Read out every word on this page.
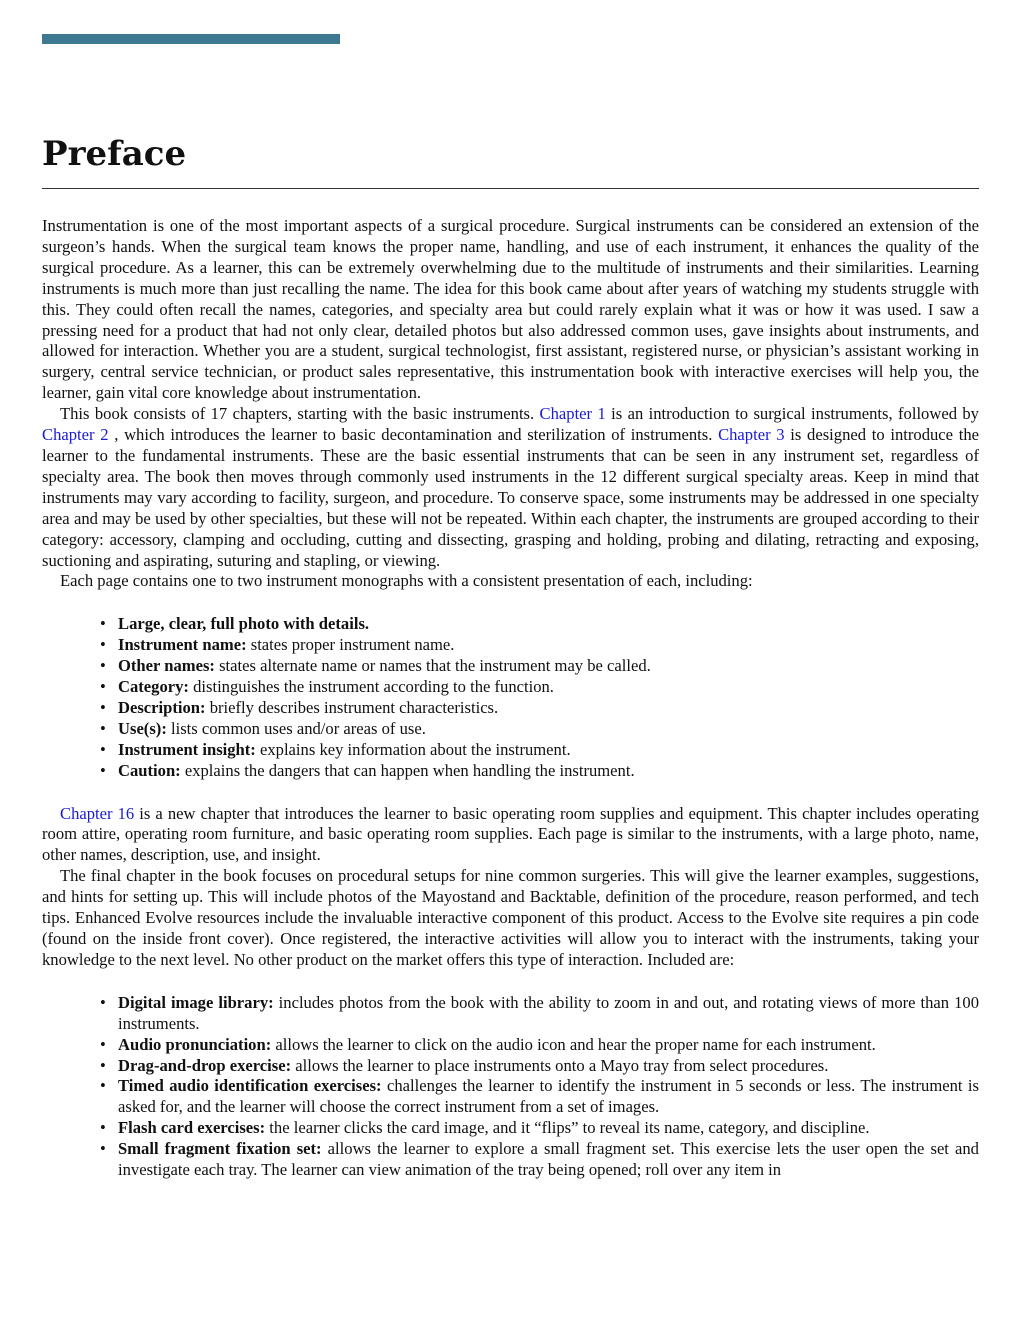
Preface

Instrumentation is one of the most important aspects of a surgical procedure. Surgical instruments can be considered an extension of the surgeon’s hands. When the surgical team knows the proper name, handling, and use of each instrument, it enhances the quality of the surgical procedure. As a learner, this can be extremely overwhelming due to the multitude of instruments and their similarities. Learning instruments is much more than just recalling the name. The idea for this book came about after years of watching my students struggle with this. They could often recall the names, categories, and specialty area but could rarely explain what it was or how it was used. I saw a pressing need for a product that had not only clear, detailed photos but also addressed common uses, gave insights about instruments, and allowed for interaction. Whether you are a student, surgical technologist, first assistant, registered nurse, or physician’s assistant working in surgery, central service technician, or product sales representative, this instrumentation book with interactive exercises will help you, the learner, gain vital core knowledge about instrumentation.

This book consists of 17 chapters, starting with the basic instruments. Chapter 1 is an introduction to surgical instruments, followed by Chapter 2 , which introduces the learner to basic decontamination and sterilization of instruments. Chapter 3 is designed to introduce the learner to the fundamental instruments. These are the basic essential instruments that can be seen in any instrument set, regardless of specialty area. The book then moves through commonly used instruments in the 12 different surgical specialty areas. Keep in mind that instruments may vary according to facility, surgeon, and procedure. To conserve space, some instruments may be addressed in one specialty area and may be used by other specialties, but these will not be repeated. Within each chapter, the instruments are grouped according to their category: accessory, clamping and occluding, cutting and dissecting, grasping and holding, probing and dilating, retracting and exposing, suctioning and aspirating, suturing and stapling, or viewing.

Each page contains one to two instrument monographs with a consistent presentation of each, including:

• Large, clear, full photo with details.
• Instrument name: states proper instrument name.
• Other names: states alternate name or names that the instrument may be called.
• Category: distinguishes the instrument according to the function.
• Description: briefly describes instrument characteristics.
• Use(s): lists common uses and/or areas of use.
• Instrument insight: explains key information about the instrument.
• Caution: explains the dangers that can happen when handling the instrument.

Chapter 16 is a new chapter that introduces the learner to basic operating room supplies and equipment. This chapter includes operating room attire, operating room furniture, and basic operating room supplies. Each page is similar to the instruments, with a large photo, name, other names, description, use, and insight.

The final chapter in the book focuses on procedural setups for nine common surgeries. This will give the learner examples, suggestions, and hints for setting up. This will include photos of the Mayostand and Backtable, definition of the procedure, reason performed, and tech tips. Enhanced Evolve resources include the invaluable interactive component of this product. Access to the Evolve site requires a pin code (found on the inside front cover). Once registered, the interactive activities will allow you to interact with the instruments, taking your knowledge to the next level. No other product on the market offers this type of interaction. Included are:

• Digital image library: includes photos from the book with the ability to zoom in and out, and rotating views of more than 100 instruments.
• Audio pronunciation: allows the learner to click on the audio icon and hear the proper name for each instrument.
• Drag-and-drop exercise: allows the learner to place instruments onto a Mayo tray from select procedures.
• Timed audio identification exercises: challenges the learner to identify the instrument in 5 seconds or less. The instrument is asked for, and the learner will choose the correct instrument from a set of images.
• Flash card exercises: the learner clicks the card image, and it “flips” to reveal its name, category, and discipline.
• Small fragment fixation set: allows the learner to explore a small fragment set. This exercise lets the user open the set and investigate each tray. The learner can view animation of the tray being opened; roll over any item in
